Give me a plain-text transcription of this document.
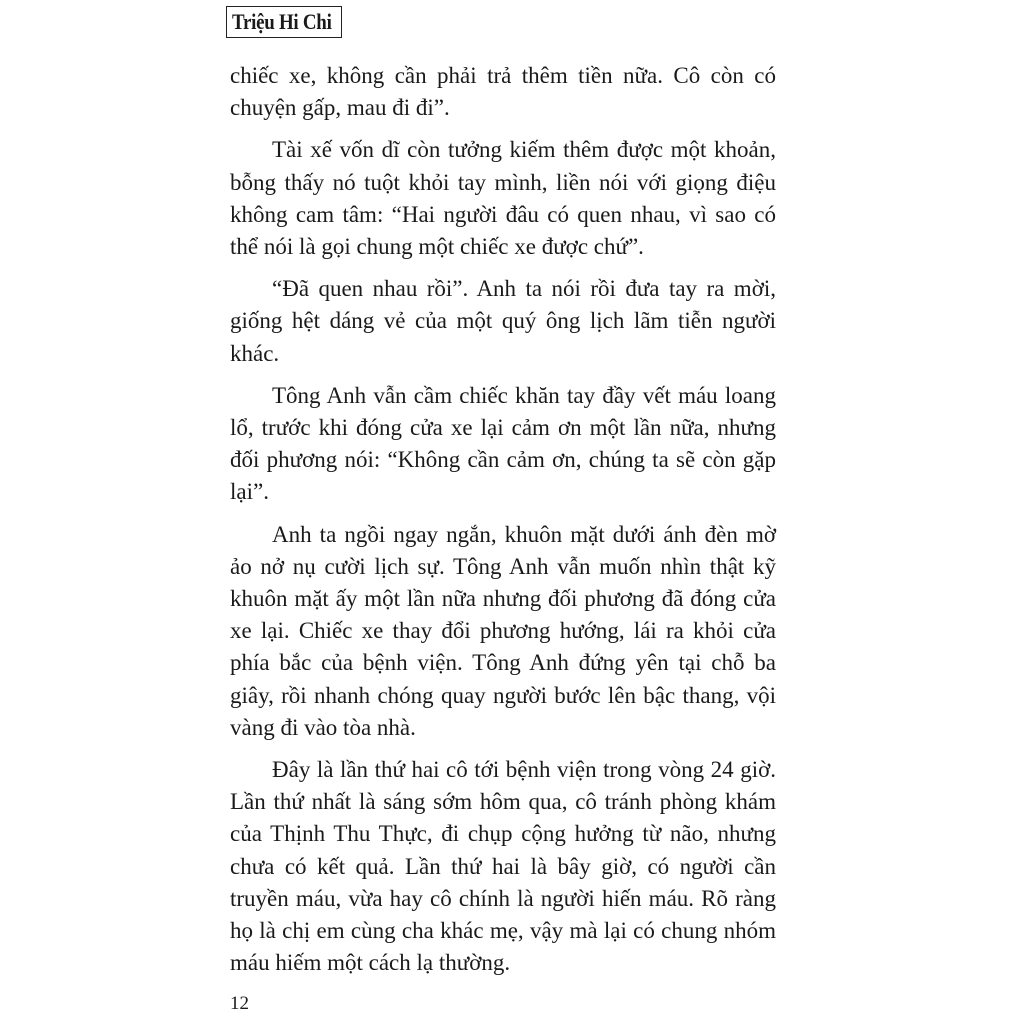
Triệu Hi Chi

chiếc xe, không cần phải trả thêm tiền nữa. Cô còn có chuyện gấp, mau đi đi”.

Tài xế vốn dĩ còn tưởng kiếm thêm được một khoản, bỗng thấy nó tuột khỏi tay mình, liền nói với giọng điệu không cam tâm: “Hai người đâu có quen nhau, vì sao có thể nói là gọi chung một chiếc xe được chứ”.

“Đã quen nhau rồi”. Anh ta nói rồi đưa tay ra mời, giống hệt dáng vẻ của một quý ông lịch lãm tiễn người khác.

Tông Anh vẫn cầm chiếc khăn tay đầy vết máu loang lổ, trước khi đóng cửa xe lại cảm ơn một lần nữa, nhưng đối phương nói: “Không cần cảm ơn, chúng ta sẽ còn gặp lại”.

Anh ta ngồi ngay ngắn, khuôn mặt dưới ánh đèn mờ ảo nở nụ cười lịch sự. Tông Anh vẫn muốn nhìn thật kỹ khuôn mặt ấy một lần nữa nhưng đối phương đã đóng cửa xe lại. Chiếc xe thay đổi phương hướng, lái ra khỏi cửa phía bắc của bệnh viện. Tông Anh đứng yên tại chỗ ba giây, rồi nhanh chóng quay người bước lên bậc thang, vội vàng đi vào tòa nhà.

Đây là lần thứ hai cô tới bệnh viện trong vòng 24 giờ. Lần thứ nhất là sáng sớm hôm qua, cô tránh phòng khám của Thịnh Thu Thực, đi chụp cộng hưởng từ não, nhưng chưa có kết quả. Lần thứ hai là bây giờ, có người cần truyền máu, vừa hay cô chính là người hiến máu. Rõ ràng họ là chị em cùng cha khác mẹ, vậy mà lại có chung nhóm máu hiếm một cách lạ thường.

12
